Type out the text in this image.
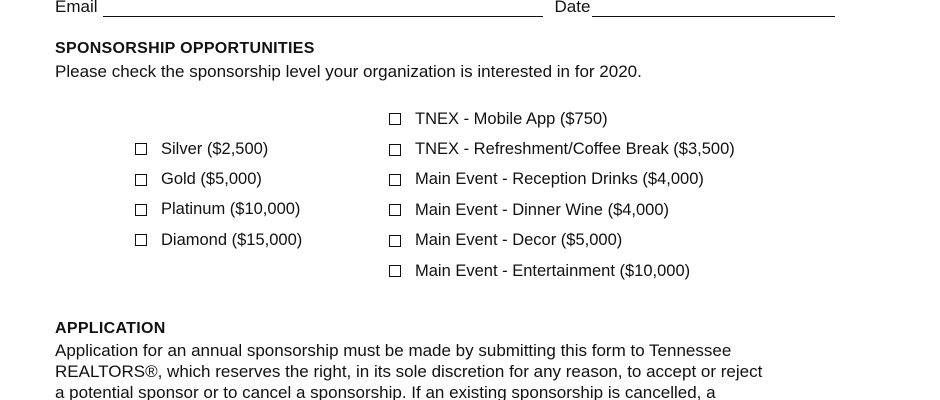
Email	Date
SPONSORSHIP OPPORTUNITIES
Please check the sponsorship level your organization is interested in for 2020.
Silver ($2,500)
Gold ($5,000)
Platinum ($10,000)
Diamond ($15,000)
TNEX - Mobile App ($750)
TNEX - Refreshment/Coffee Break ($3,500)
Main Event - Reception Drinks ($4,000)
Main Event - Dinner Wine ($4,000)
Main Event - Decor ($5,000)
Main Event - Entertainment ($10,000)
APPLICATION
Application for an annual sponsorship must be made by submitting this form to Tennessee
REALTORS®, which reserves the right, in its sole discretion for any reason, to accept or reject
a potential sponsor or to cancel a sponsorship. If an existing sponsorship is cancelled, a
